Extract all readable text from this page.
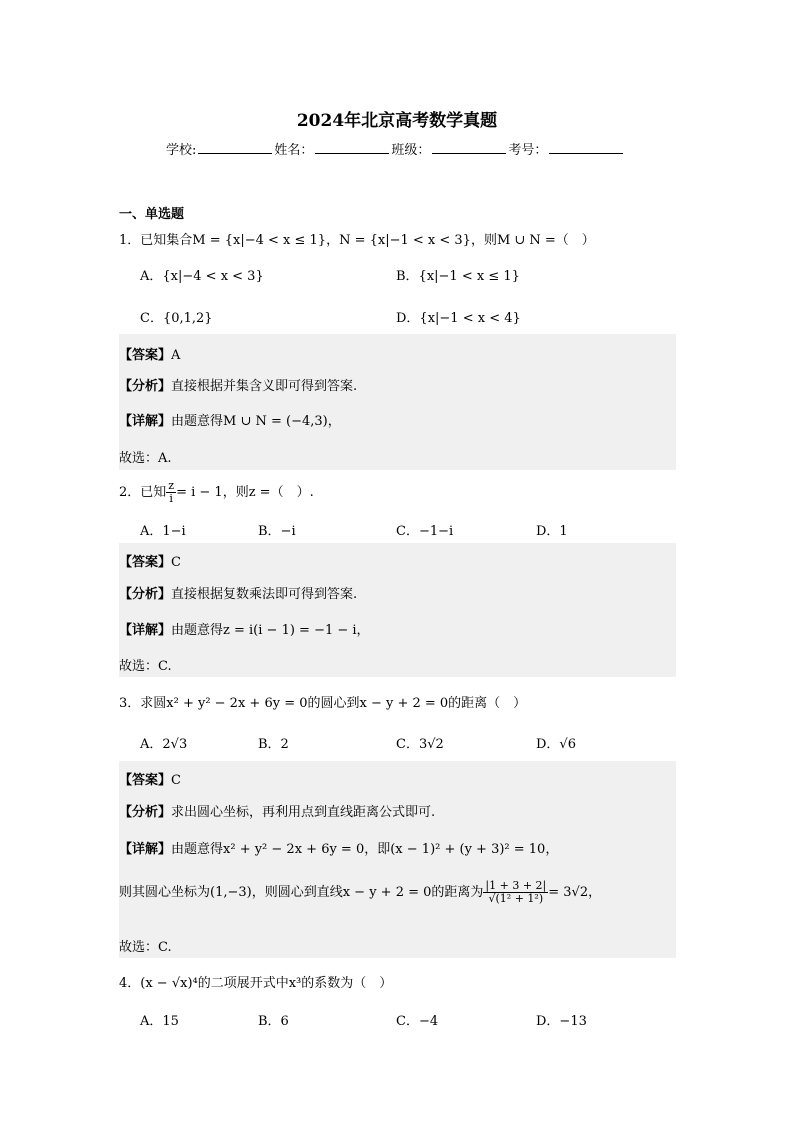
2024年北京高考数学真题
学校:	姓名：	班级：	考号：
一、单选题
1．已知集合M = {x|−4 < x ≤ 1}，N = {x|−1 < x < 3}，则M ∪ N =（　）
A．{x|−4 < x < 3}	B．{x|−1 < x ≤ 1}
C．{0,1,2}	D．{x|−1 < x < 4}
【答案】A
【分析】直接根据并集含义即可得到答案.
【详解】由题意得M ∪ N = (−4,3)，
故选：A.
2．已知 $\frac{z}{i} = i - 1$，则z =（　）.
A．1−i	B．−i	C．−1−i	D．1
【答案】C
【分析】直接根据复数乘法即可得到答案.
【详解】由题意得z = i(i − 1) = −1 − i，
故选：C.
3．求圆x² + y² − 2x + 6y = 0的圆心到x − y + 2 = 0的距离（　）
A．2√3	B．2	C．3√2	D．√6
【答案】C
【分析】求出圆心坐标，再利用点到直线距离公式即可.
【详解】由题意得x² + y² − 2x + 6y = 0，即(x − 1)² + (y + 3)² = 10，
则其圆心坐标为(1,−3)，则圆心到直线x − y + 2 = 0的距离为 $\frac{|1 + 3 + 2|}{\text{√(1² + 1²)}} = 3√2$，
故选：C.
4．(x − √x)⁴的二项展开式中x³的系数为（　）
A．15	B．6	C．−4	D．−13
